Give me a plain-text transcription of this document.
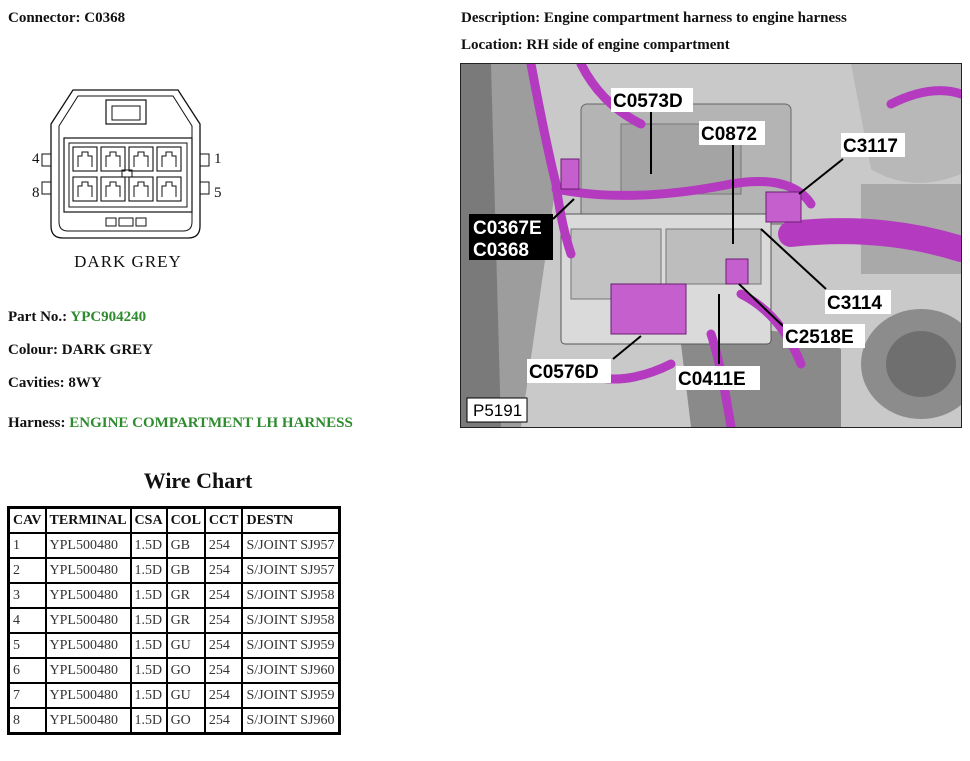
Connector: C0368	Description: Engine compartment harness to engine harness
Location: RH side of engine compartment
4	1
8	5
DARK GREY
Part No.: YPC904240
Colour: DARK GREY
Cavities: 8WY
Harness: ENGINE COMPARTMENT LH HARNESS
Wire Chart
CAV	TERMINAL	CSA	COL	CCT	DESTN
1	YPL500480	1.5D	GB	254	S/JOINT SJ957
2	YPL500480	1.5D	GB	254	S/JOINT SJ957
3	YPL500480	1.5D	GR	254	S/JOINT SJ958
4	YPL500480	1.5D	GR	254	S/JOINT SJ958
5	YPL500480	1.5D	GU	254	S/JOINT SJ959
6	YPL500480	1.5D	GO	254	S/JOINT SJ960
7	YPL500480	1.5D	GU	254	S/JOINT SJ959
8	YPL500480	1.5D	GO	254	S/JOINT SJ960
C0573D
C0872
C3117
C0367E
C0368
C3114
C2518E
C0576D	C0411E
P5191
